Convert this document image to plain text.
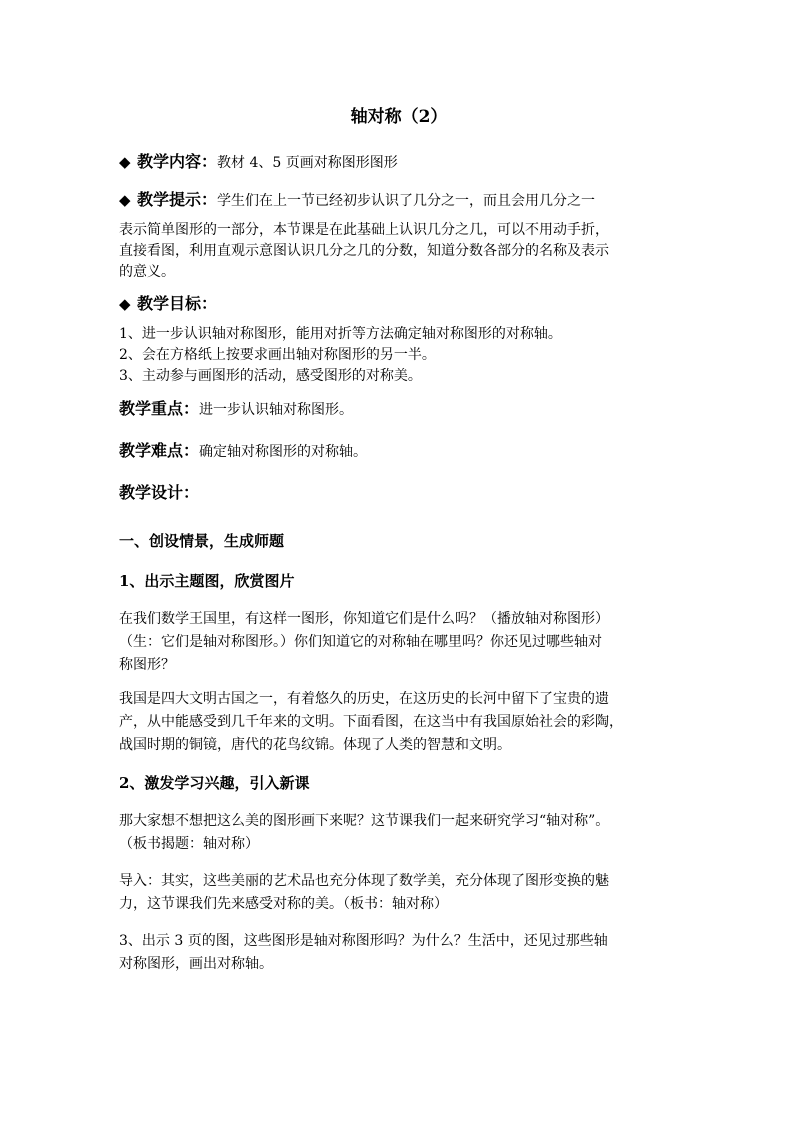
轴对称（2）
◆ 教学内容：教材 4、5 页画对称图形图形
◆ 教学提示：学生们在上一节已经初步认识了几分之一，而且会用几分之一
表示简单图形的一部分，本节课是在此基础上认识几分之几，可以不用动手折，
直接看图，利用直观示意图认识几分之几的分数，知道分数各部分的名称及表示
的意义。
◆ 教学目标：
1、进一步认识轴对称图形，能用对折等方法确定轴对称图形的对称轴。
2、会在方格纸上按要求画出轴对称图形的另一半。
3、主动参与画图形的活动，感受图形的对称美。
教学重点：进一步认识轴对称图形。
教学难点：确定轴对称图形的对称轴。
教学设计：
一、创设情景，生成师题
1、出示主题图，欣赏图片
在我们数学王国里，有这样一图形，你知道它们是什么吗？（播放轴对称图形）
（生：它们是轴对称图形。）你们知道它的对称轴在哪里吗？你还见过哪些轴对
称图形？
我国是四大文明古国之一，有着悠久的历史，在这历史的长河中留下了宝贵的遗
产，从中能感受到几千年来的文明。下面看图，在这当中有我国原始社会的彩陶，
战国时期的铜镜，唐代的花鸟纹锦。体现了人类的智慧和文明。
2、激发学习兴趣，引入新课
那大家想不想把这么美的图形画下来呢？这节课我们一起来研究学习“轴对称”。
（板书揭题：轴对称）
导入：其实，这些美丽的艺术品也充分体现了数学美，充分体现了图形变换的魅
力，这节课我们先来感受对称的美。（板书：轴对称）
3、出示 3 页的图，这些图形是轴对称图形吗？为什么？生活中，还见过那些轴
对称图形，画出对称轴。
